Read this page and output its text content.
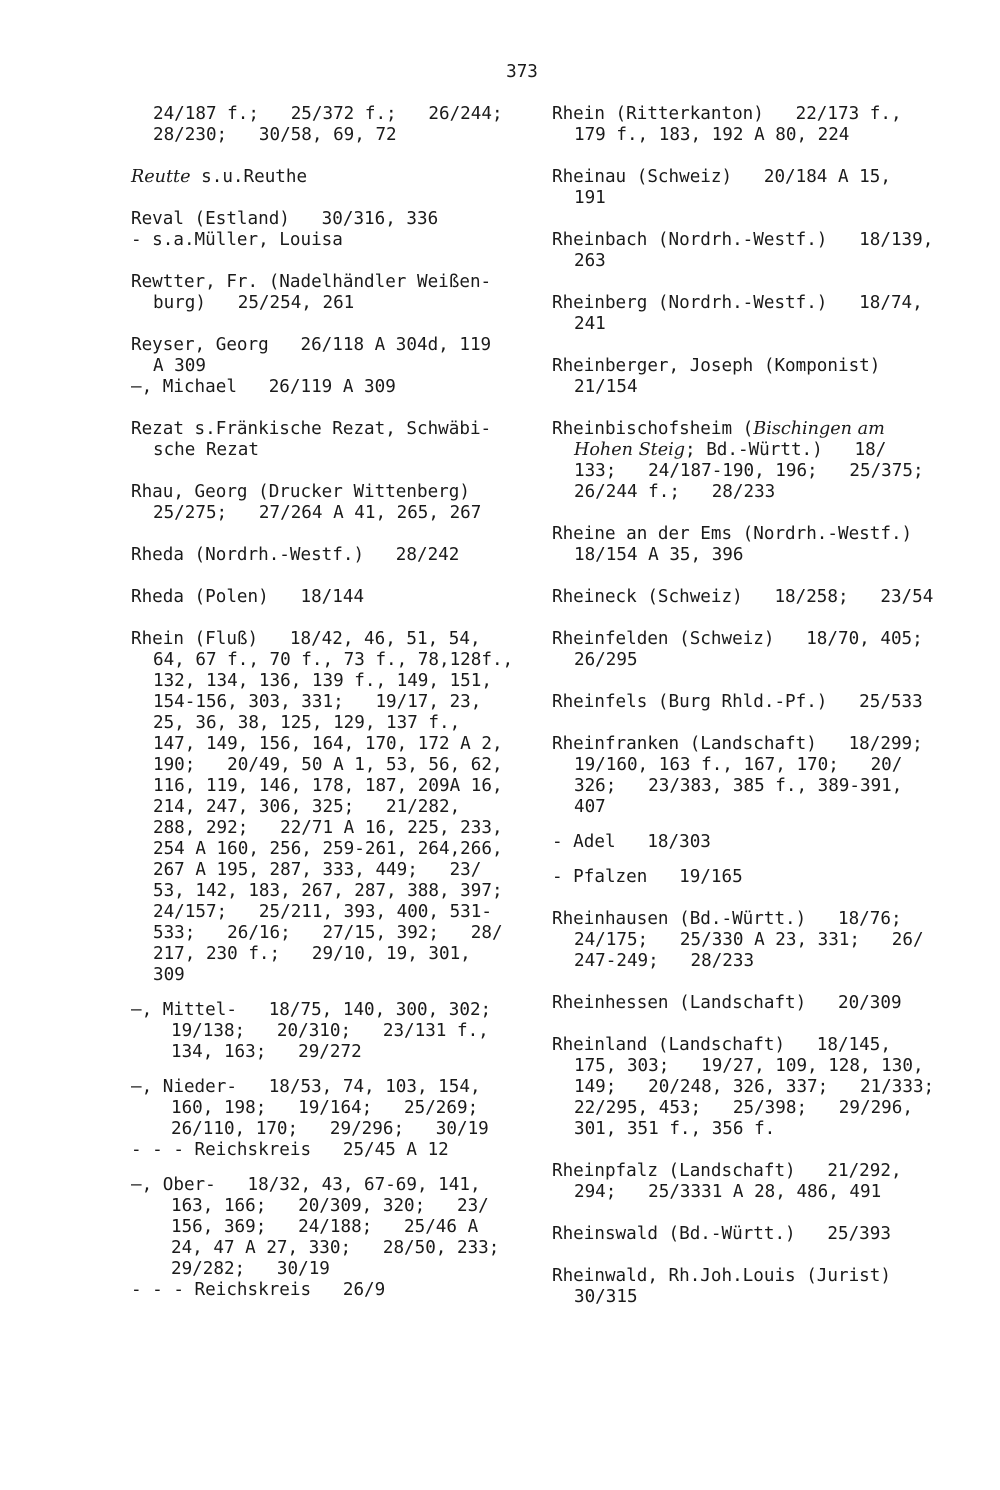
373

24/187 f.;   25/372 f.;   26/244;
28/230;   30/58, 69, 72

Reutte s.u.Reuthe

Reval (Estland)   30/316, 336
- s.a.Müller, Louisa

Rewtter, Fr. (Nadelhändler Weißen-
burg)   25/254, 261

Reyser, Georg   26/118 A 304d, 119
A 309
—, Michael   26/119 A 309

Rezat s.Fränkische Rezat, Schwäbi-
sche Rezat

Rhau, Georg (Drucker Wittenberg)
25/275;   27/264 A 41, 265, 267

Rheda (Nordrh.-Westf.)   28/242

Rheda (Polen)   18/144

Rhein (Fluß)   18/42, 46, 51, 54,
64, 67 f., 70 f., 73 f., 78,128f.,
132, 134, 136, 139 f., 149, 151,
154-156, 303, 331;   19/17, 23,
25, 36, 38, 125, 129, 137 f.,
147, 149, 156, 164, 170, 172 A 2,
190;   20/49, 50 A 1, 53, 56, 62,
116, 119, 146, 178, 187, 209A 16,
214, 247, 306, 325;   21/282,
288, 292;   22/71 A 16, 225, 233,
254 A 160, 256, 259-261, 264,266,
267 A 195, 287, 333, 449;   23/
53, 142, 183, 267, 287, 388, 397;
24/157;   25/211, 393, 400, 531-
533;   26/16;   27/15, 392;   28/
217, 230 f.;   29/10, 19, 301,
309

—, Mittel-   18/75, 140, 300, 302;
19/138;   20/310;   23/131 f.,
134, 163;   29/272

—, Nieder-   18/53, 74, 103, 154,
160, 198;   19/164;   25/269;
26/110, 170;   29/296;   30/19
- - - Reichskreis   25/45 A 12

—, Ober-   18/32, 43, 67-69, 141,
163, 166;   20/309, 320;   23/
156, 369;   24/188;   25/46 A
24, 47 A 27, 330;   28/50, 233;
29/282;   30/19
- - - Reichskreis   26/9

Rhein (Ritterkanton)   22/173 f.,
179 f., 183, 192 A 80, 224

Rheinau (Schweiz)   20/184 A 15,
191

Rheinbach (Nordrh.-Westf.)   18/139,
263

Rheinberg (Nordrh.-Westf.)   18/74,
241

Rheinberger, Joseph (Komponist)
21/154

Rheinbischofsheim (Bischingen am
Hohen Steig; Bd.-Württ.)   18/
133;   24/187-190, 196;   25/375;
26/244 f.;   28/233

Rheine an der Ems (Nordrh.-Westf.)
18/154 A 35, 396

Rheineck (Schweiz)   18/258;   23/54

Rheinfelden (Schweiz)   18/70, 405;
26/295

Rheinfels (Burg Rhld.-Pf.)   25/533

Rheinfranken (Landschaft)   18/299;
19/160, 163 f., 167, 170;   20/
326;   23/383, 385 f., 389-391,
407

- Adel   18/303

- Pfalzen   19/165

Rheinhausen (Bd.-Württ.)   18/76;
24/175;   25/330 A 23, 331;   26/
247-249;   28/233

Rheinhessen (Landschaft)   20/309

Rheinland (Landschaft)   18/145,
175, 303;   19/27, 109, 128, 130,
149;   20/248, 326, 337;   21/333;
22/295, 453;   25/398;   29/296,
301, 351 f., 356 f.

Rheinpfalz (Landschaft)   21/292,
294;   25/3331 A 28, 486, 491

Rheinswald (Bd.-Württ.)   25/393

Rheinwald, Rh.Joh.Louis (Jurist)
30/315
